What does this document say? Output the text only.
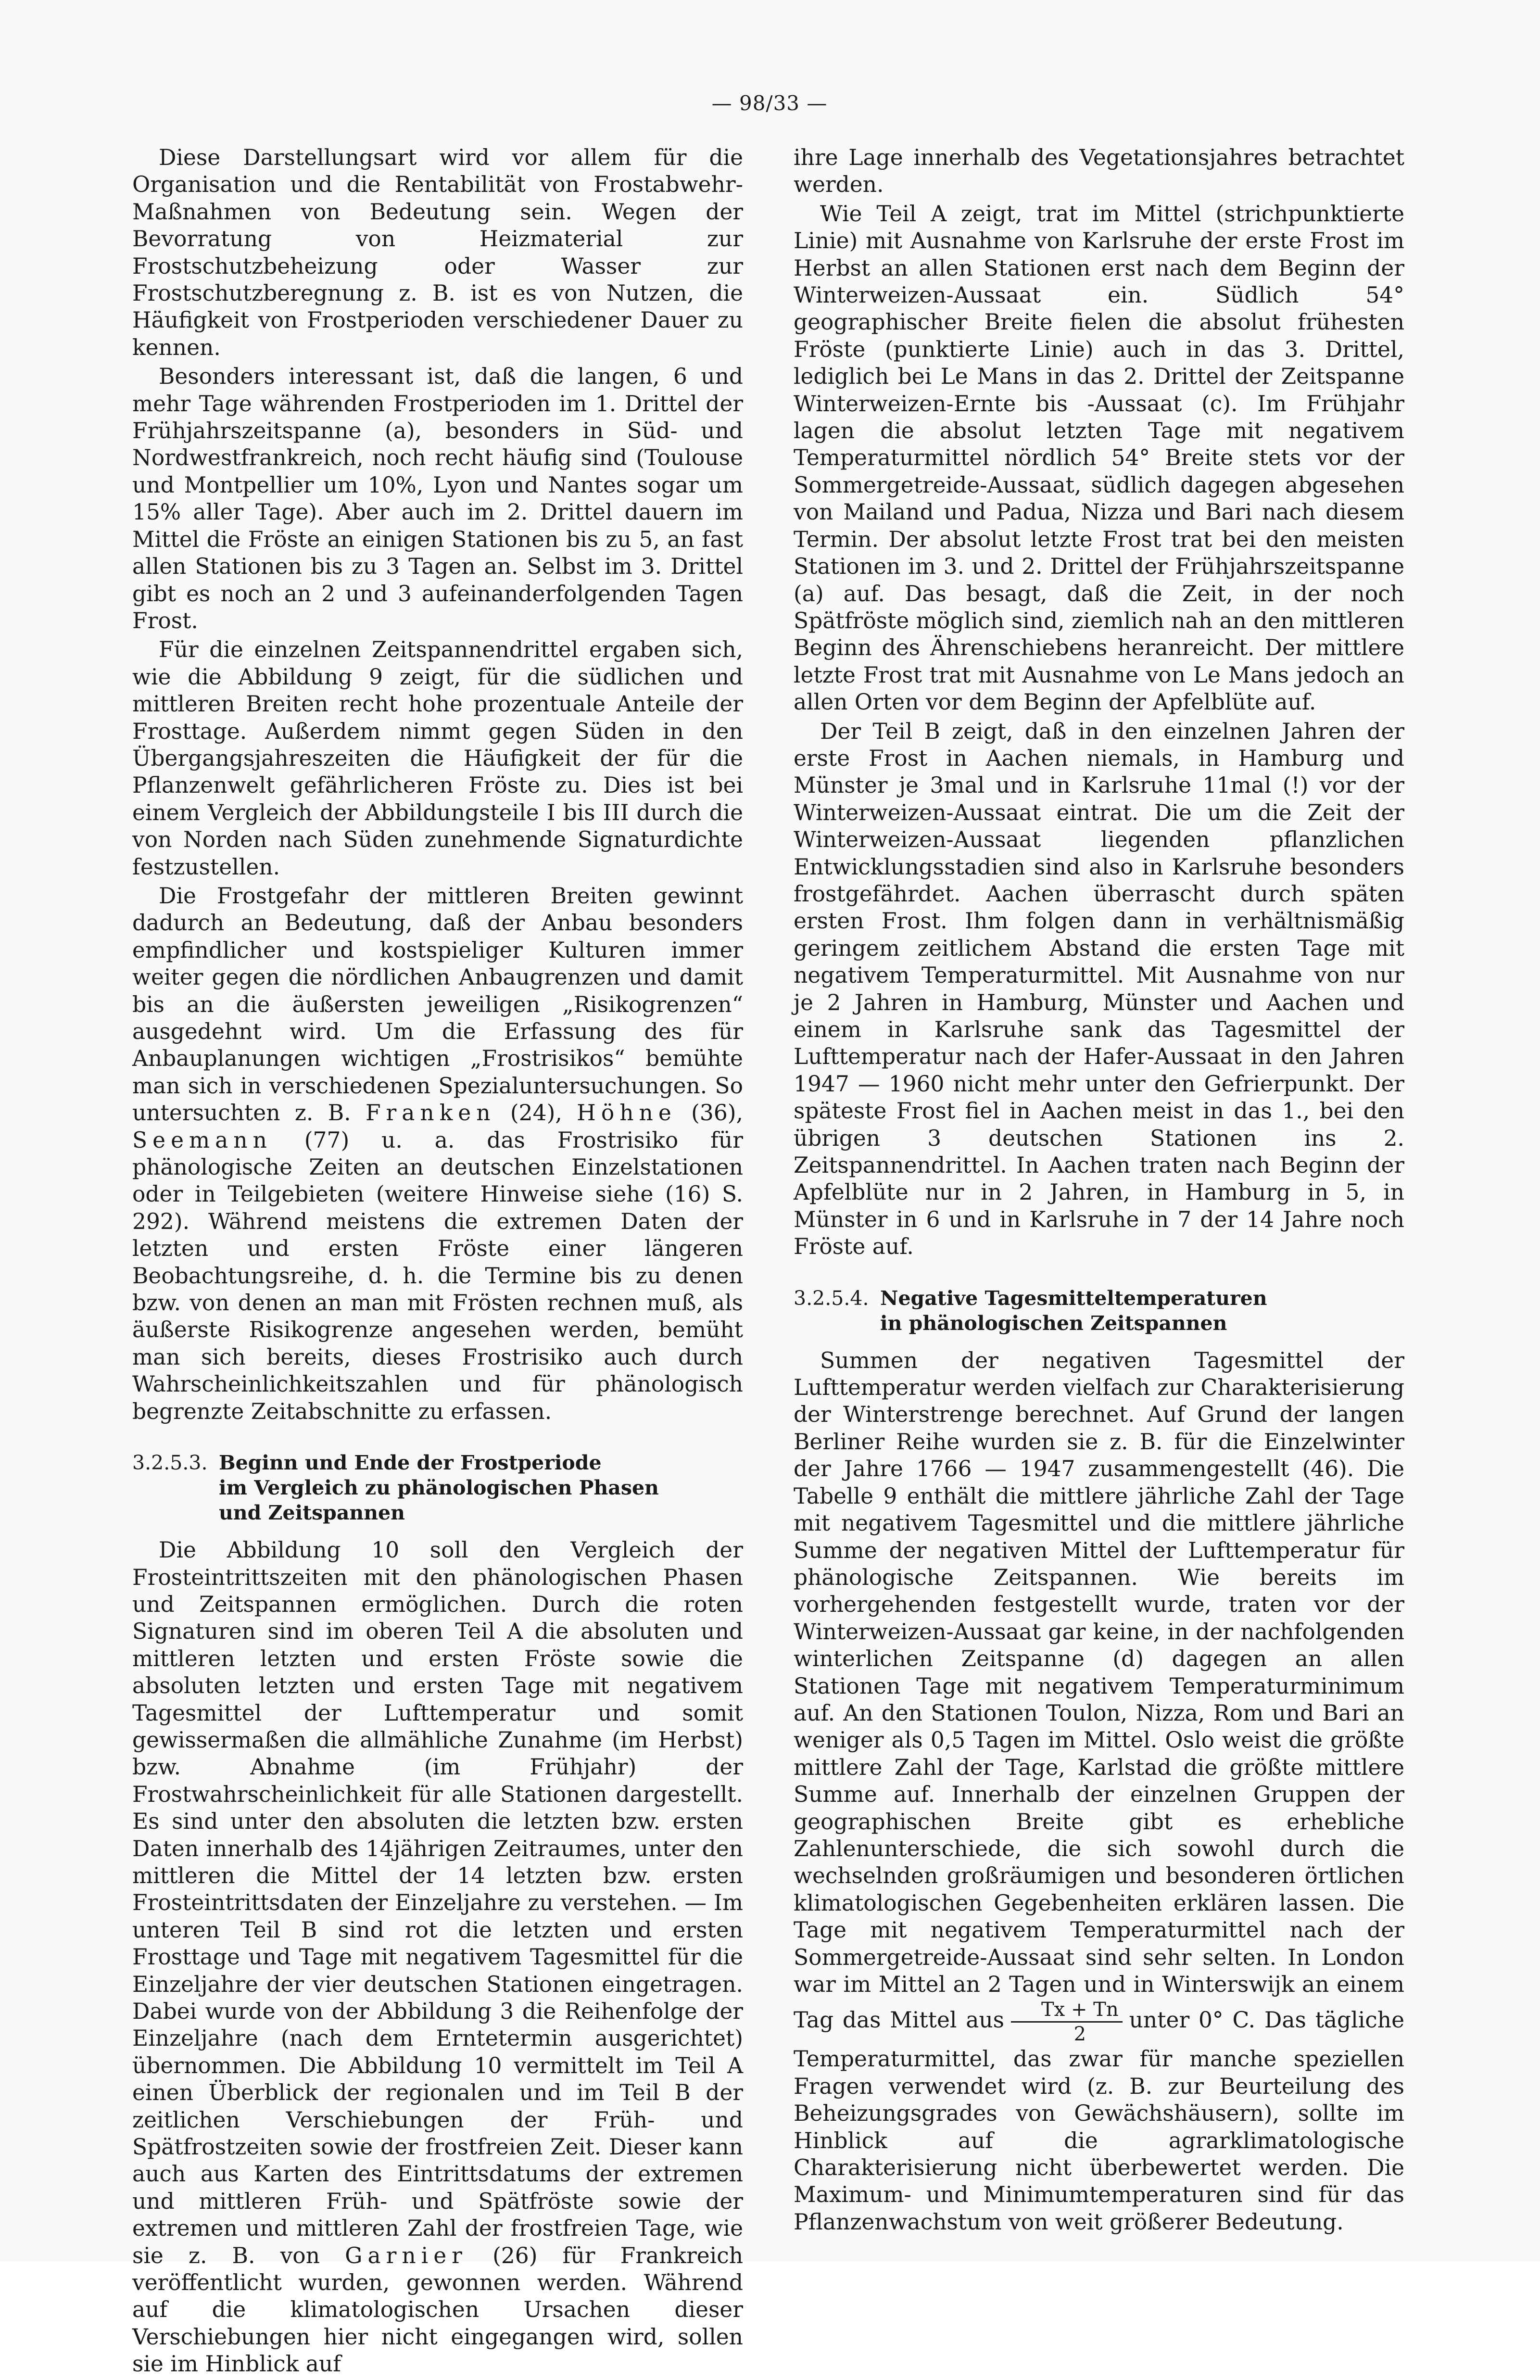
— 98/33 —

Diese Darstellungsart wird vor allem für die Organisation und die Rentabilität von Frostabwehr-Maßnahmen von Bedeutung sein. Wegen der Bevorratung von Heizmaterial zur Frostschutzbeheizung oder Wasser zur Frostschutzberegnung z. B. ist es von Nutzen, die Häufigkeit von Frostperioden verschiedener Dauer zu kennen.

Besonders interessant ist, daß die langen, 6 und mehr Tage währenden Frostperioden im 1. Drittel der Frühjahrszeitspanne (a), besonders in Süd- und Nordwestfrankreich, noch recht häufig sind (Toulouse und Montpellier um 10%, Lyon und Nantes sogar um 15% aller Tage). Aber auch im 2. Drittel dauern im Mittel die Fröste an einigen Stationen bis zu 5, an fast allen Stationen bis zu 3 Tagen an. Selbst im 3. Drittel gibt es noch an 2 und 3 aufeinanderfolgenden Tagen Frost.

Für die einzelnen Zeitspannendrittel ergaben sich, wie die Abbildung 9 zeigt, für die südlichen und mittleren Breiten recht hohe prozentuale Anteile der Frosttage. Außerdem nimmt gegen Süden in den Übergangsjahreszeiten die Häufigkeit der für die Pflanzenwelt gefährlicheren Fröste zu. Dies ist bei einem Vergleich der Abbildungsteile I bis III durch die von Norden nach Süden zunehmende Signaturdichte festzustellen.

Die Frostgefahr der mittleren Breiten gewinnt dadurch an Bedeutung, daß der Anbau besonders empfindlicher und kostspieliger Kulturen immer weiter gegen die nördlichen Anbaugrenzen und damit bis an die äußersten jeweiligen „Risikogrenzen“ ausgedehnt wird. Um die Erfassung des für Anbauplanungen wichtigen „Frostrisikos“ bemühte man sich in verschiedenen Spezialuntersuchungen. So untersuchten z. B. Franken (24), Höhne (36), Seemann (77) u. a. das Frostrisiko für phänologische Zeiten an deutschen Einzelstationen oder in Teilgebieten (weitere Hinweise siehe (16) S. 292). Während meistens die extremen Daten der letzten und ersten Fröste einer längeren Beobachtungsreihe, d. h. die Termine bis zu denen bzw. von denen an man mit Frösten rechnen muß, als äußerste Risikogrenze angesehen werden, bemüht man sich bereits, dieses Frostrisiko auch durch Wahrscheinlichkeitszahlen und für phänologisch begrenzte Zeitabschnitte zu erfassen.

3.2.5.3. Beginn und Ende der Frostperiode
im Vergleich zu phänologischen Phasen
und Zeitspannen

Die Abbildung 10 soll den Vergleich der Frosteintrittszeiten mit den phänologischen Phasen und Zeitspannen ermöglichen. Durch die roten Signaturen sind im oberen Teil A die absoluten und mittleren letzten und ersten Fröste sowie die absoluten letzten und ersten Tage mit negativem Tagesmittel der Lufttemperatur und somit gewissermaßen die allmähliche Zunahme (im Herbst) bzw. Abnahme (im Frühjahr) der Frostwahrscheinlichkeit für alle Stationen dargestellt. Es sind unter den absoluten die letzten bzw. ersten Daten innerhalb des 14jährigen Zeitraumes, unter den mittleren die Mittel der 14 letzten bzw. ersten Frosteintrittsdaten der Einzeljahre zu verstehen. — Im unteren Teil B sind rot die letzten und ersten Frosttage und Tage mit negativem Tagesmittel für die Einzeljahre der vier deutschen Stationen eingetragen. Dabei wurde von der Abbildung 3 die Reihenfolge der Einzeljahre (nach dem Erntetermin ausgerichtet) übernommen. Die Abbildung 10 vermittelt im Teil A einen Überblick der regionalen und im Teil B der zeitlichen Verschiebungen der Früh- und Spätfrostzeiten sowie der frostfreien Zeit. Dieser kann auch aus Karten des Eintrittsdatums der extremen und mittleren Früh- und Spätfröste sowie der extremen und mittleren Zahl der frostfreien Tage, wie sie z. B. von Garnier (26) für Frankreich veröffentlicht wurden, gewonnen werden. Während auf die klimatologischen Ursachen dieser Verschiebungen hier nicht eingegangen wird, sollen sie im Hinblick auf

ihre Lage innerhalb des Vegetationsjahres betrachtet werden.

Wie Teil A zeigt, trat im Mittel (strichpunktierte Linie) mit Ausnahme von Karlsruhe der erste Frost im Herbst an allen Stationen erst nach dem Beginn der Winterweizen-Aussaat ein. Südlich 54° geographischer Breite fielen die absolut frühesten Fröste (punktierte Linie) auch in das 3. Drittel, lediglich bei Le Mans in das 2. Drittel der Zeitspanne Winterweizen-Ernte bis -Aussaat (c). Im Frühjahr lagen die absolut letzten Tage mit negativem Temperaturmittel nördlich 54° Breite stets vor der Sommergetreide-Aussaat, südlich dagegen abgesehen von Mailand und Padua, Nizza und Bari nach diesem Termin. Der absolut letzte Frost trat bei den meisten Stationen im 3. und 2. Drittel der Frühjahrszeitspanne (a) auf. Das besagt, daß die Zeit, in der noch Spätfröste möglich sind, ziemlich nah an den mittleren Beginn des Ährenschiebens heranreicht. Der mittlere letzte Frost trat mit Ausnahme von Le Mans jedoch an allen Orten vor dem Beginn der Apfelblüte auf.

Der Teil B zeigt, daß in den einzelnen Jahren der erste Frost in Aachen niemals, in Hamburg und Münster je 3mal und in Karlsruhe 11mal (!) vor der Winterweizen-Aussaat eintrat. Die um die Zeit der Winterweizen-Aussaat liegenden pflanzlichen Entwicklungsstadien sind also in Karlsruhe besonders frostgefährdet. Aachen überrascht durch späten ersten Frost. Ihm folgen dann in verhältnismäßig geringem zeitlichem Abstand die ersten Tage mit negativem Temperaturmittel. Mit Ausnahme von nur je 2 Jahren in Hamburg, Münster und Aachen und einem in Karlsruhe sank das Tagesmittel der Lufttemperatur nach der Hafer-Aussaat in den Jahren 1947 — 1960 nicht mehr unter den Gefrierpunkt. Der späteste Frost fiel in Aachen meist in das 1., bei den übrigen 3 deutschen Stationen ins 2. Zeitspannendrittel. In Aachen traten nach Beginn der Apfelblüte nur in 2 Jahren, in Hamburg in 5, in Münster in 6 und in Karlsruhe in 7 der 14 Jahre noch Fröste auf.

3.2.5.4. Negative Tagesmitteltemperaturen
in phänologischen Zeitspannen

Summen der negativen Tagesmittel der Lufttemperatur werden vielfach zur Charakterisierung der Winterstrenge berechnet. Auf Grund der langen Berliner Reihe wurden sie z. B. für die Einzelwinter der Jahre 1766 — 1947 zusammengestellt (46). Die Tabelle 9 enthält die mittlere jährliche Zahl der Tage mit negativem Tagesmittel und die mittlere jährliche Summe der negativen Mittel der Lufttemperatur für phänologische Zeitspannen. Wie bereits im vorhergehenden festgestellt wurde, traten vor der Winterweizen-Aussaat gar keine, in der nachfolgenden winterlichen Zeitspanne (d) dagegen an allen Stationen Tage mit negativem Temperaturminimum auf. An den Stationen Toulon, Nizza, Rom und Bari an weniger als 0,5 Tagen im Mittel. Oslo weist die größte mittlere Zahl der Tage, Karlstad die größte mittlere Summe auf. Innerhalb der einzelnen Gruppen der geographischen Breite gibt es erhebliche Zahlenunterschiede, die sich sowohl durch die wechselnden großräumigen und besonderen örtlichen klimatologischen Gegebenheiten erklären lassen. Die Tage mit negativem Temperaturmittel nach der Sommergetreide-Aussaat sind sehr selten. In London war im Mittel an 2 Tagen und in Winterswijk an einem Tag das Mittel aus $\frac{Tx + Tn}{2}$ unter 0° C. Das tägliche Temperaturmittel, das zwar für manche speziellen Fragen verwendet wird (z. B. zur Beurteilung des Beheizungsgrades von Gewächshäusern), sollte im Hinblick auf die agrarklimatologische Charakterisierung nicht überbewertet werden. Die Maximum- und Minimumtemperaturen sind für das Pflanzenwachstum von weit größerer Bedeutung.
